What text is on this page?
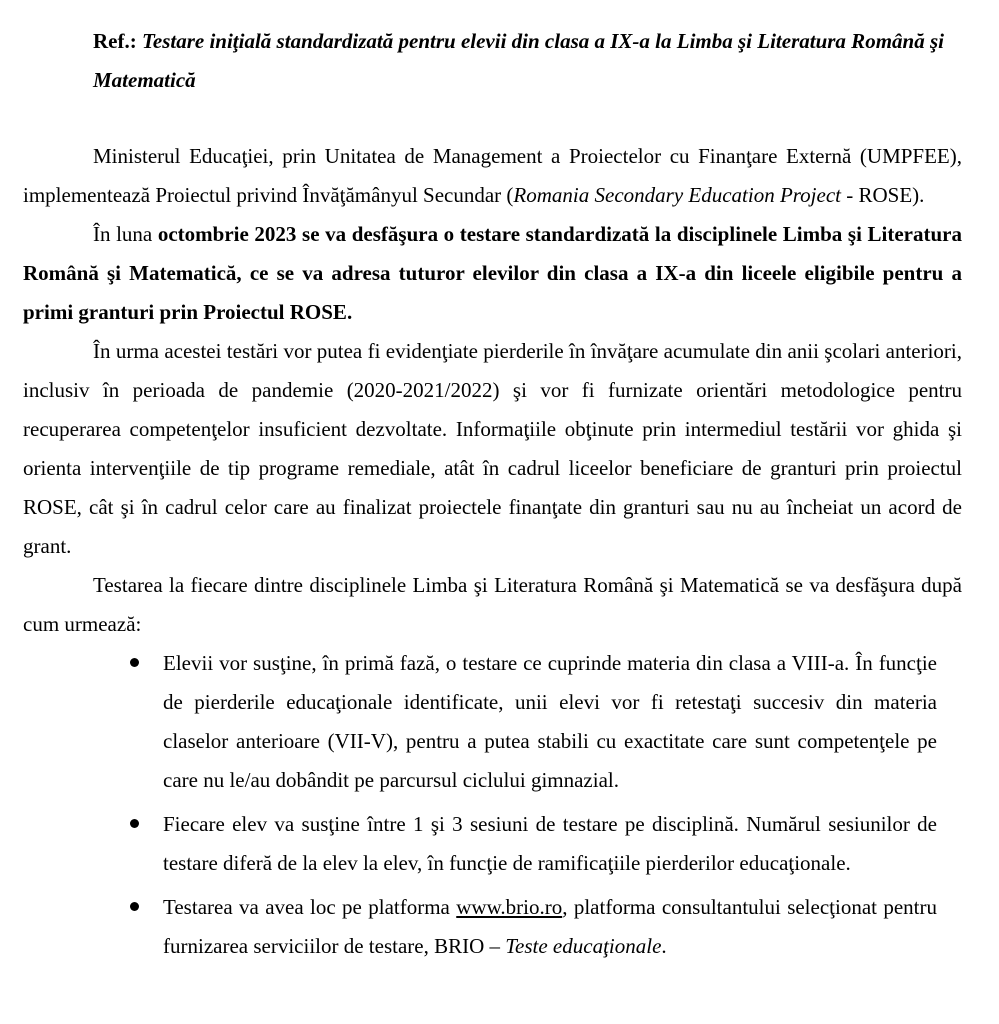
Ref.: Testare iniţială standardizată pentru elevii din clasa a IX-a la Limba şi Literatura Română şi Matematică

Ministerul Educaţiei, prin Unitatea de Management a Proiectelor cu Finanţare Externă (UMPFEE), implementează Proiectul privind Învăţămânyul Secundar (Romania Secondary Education Project - ROSE).

În luna octombrie 2023 se va desfăşura o testare standardizată la disciplinele Limba şi Literatura Română şi Matematică, ce se va adresa tuturor elevilor din clasa a IX-a din liceele eligibile pentru a primi granturi prin Proiectul ROSE.

În urma acestei testări vor putea fi evidenţiate pierderile în învăţare acumulate din anii şcolari anteriori, inclusiv în perioada de pandemie (2020-2021/2022) şi vor fi furnizate orientări metodologice pentru recuperarea competenţelor insuficient dezvoltate. Informaţiile obţinute prin intermediul testării vor ghida şi orienta intervenţiile de tip programe remediale, atât în cadrul liceelor beneficiare de granturi prin proiectul ROSE, cât şi în cadrul celor care au finalizat proiectele finanţate din granturi sau nu au încheiat un acord de grant.

Testarea la fiecare dintre disciplinele Limba şi Literatura Română şi Matematică se va desfăşura după cum urmează:

Elevii vor susţine, în primă fază, o testare ce cuprinde materia din clasa a VIII-a. În funcţie de pierderile educaţionale identificate, unii elevi vor fi retestaţi succesiv din materia claselor anterioare (VII-V), pentru a putea stabili cu exactitate care sunt competenţele pe care nu le/au dobândit pe parcursul ciclului gimnazial.
Fiecare elev va susţine între 1 şi 3 sesiuni de testare pe disciplină. Numărul sesiunilor de testare diferă de la elev la elev, în funcţie de ramificaţiile pierderilor educaţionale.
Testarea va avea loc pe platforma www.brio.ro, platforma consultantului selecţionat pentru furnizarea serviciilor de testare, BRIO – Teste educaţionale.
